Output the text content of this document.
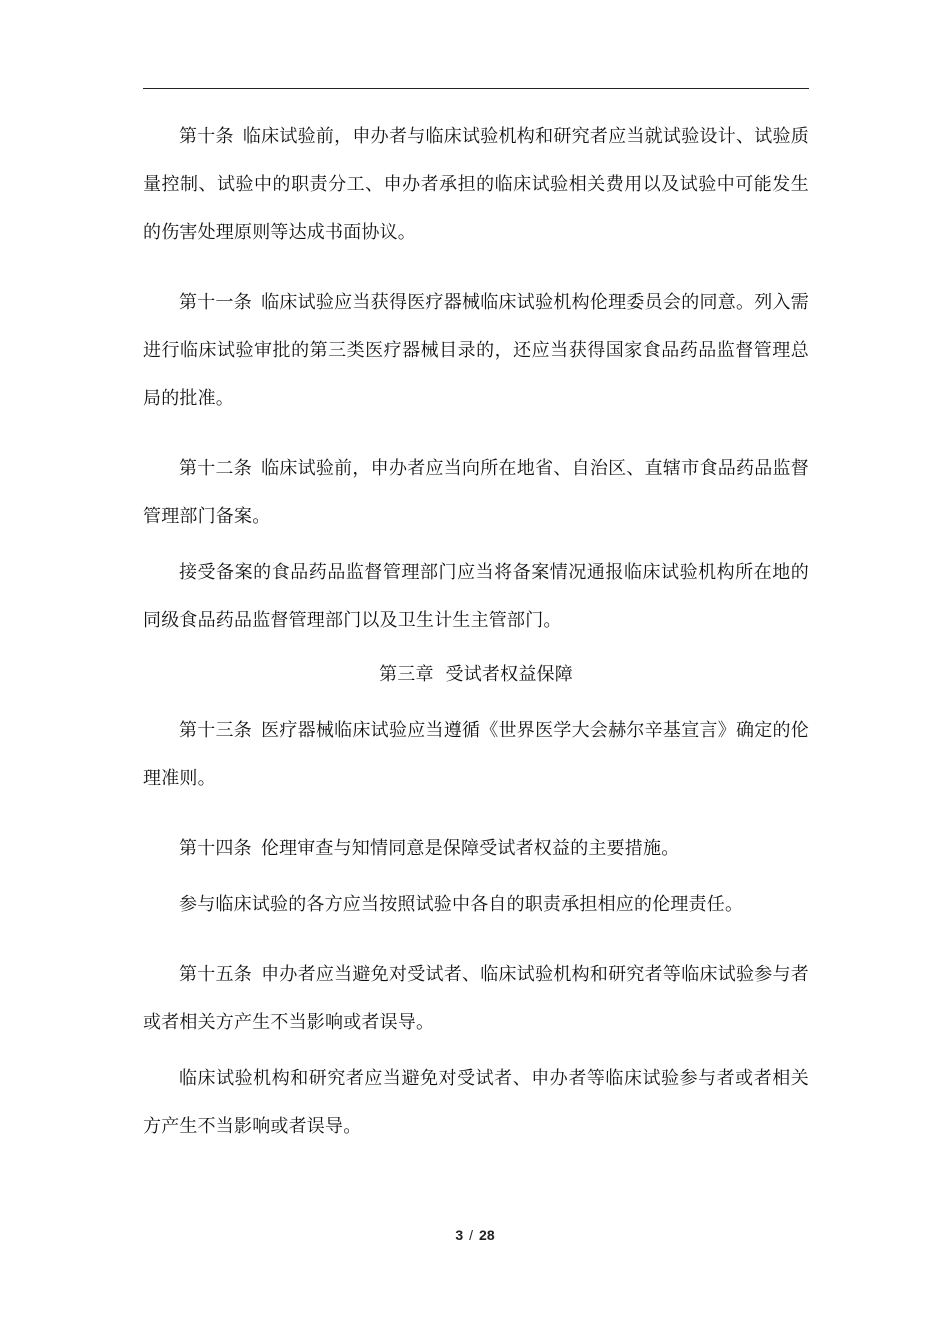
第十条 临床试验前，申办者与临床试验机构和研究者应当就试验设计、试验质量控制、试验中的职责分工、申办者承担的临床试验相关费用以及试验中可能发生的伤害处理原则等达成书面协议。

第十一条 临床试验应当获得医疗器械临床试验机构伦理委员会的同意。列入需进行临床试验审批的第三类医疗器械目录的，还应当获得国家食品药品监督管理总局的批准。

第十二条 临床试验前，申办者应当向所在地省、自治区、直辖市食品药品监督管理部门备案。

接受备案的食品药品监督管理部门应当将备案情况通报临床试验机构所在地的同级食品药品监督管理部门以及卫生计生主管部门。

第三章 受试者权益保障

第十三条 医疗器械临床试验应当遵循《世界医学大会赫尔辛基宣言》确定的伦理准则。

第十四条 伦理审查与知情同意是保障受试者权益的主要措施。

参与临床试验的各方应当按照试验中各自的职责承担相应的伦理责任。

第十五条 申办者应当避免对受试者、临床试验机构和研究者等临床试验参与者或者相关方产生不当影响或者误导。

临床试验机构和研究者应当避免对受试者、申办者等临床试验参与者或者相关方产生不当影响或者误导。

3 / 28
